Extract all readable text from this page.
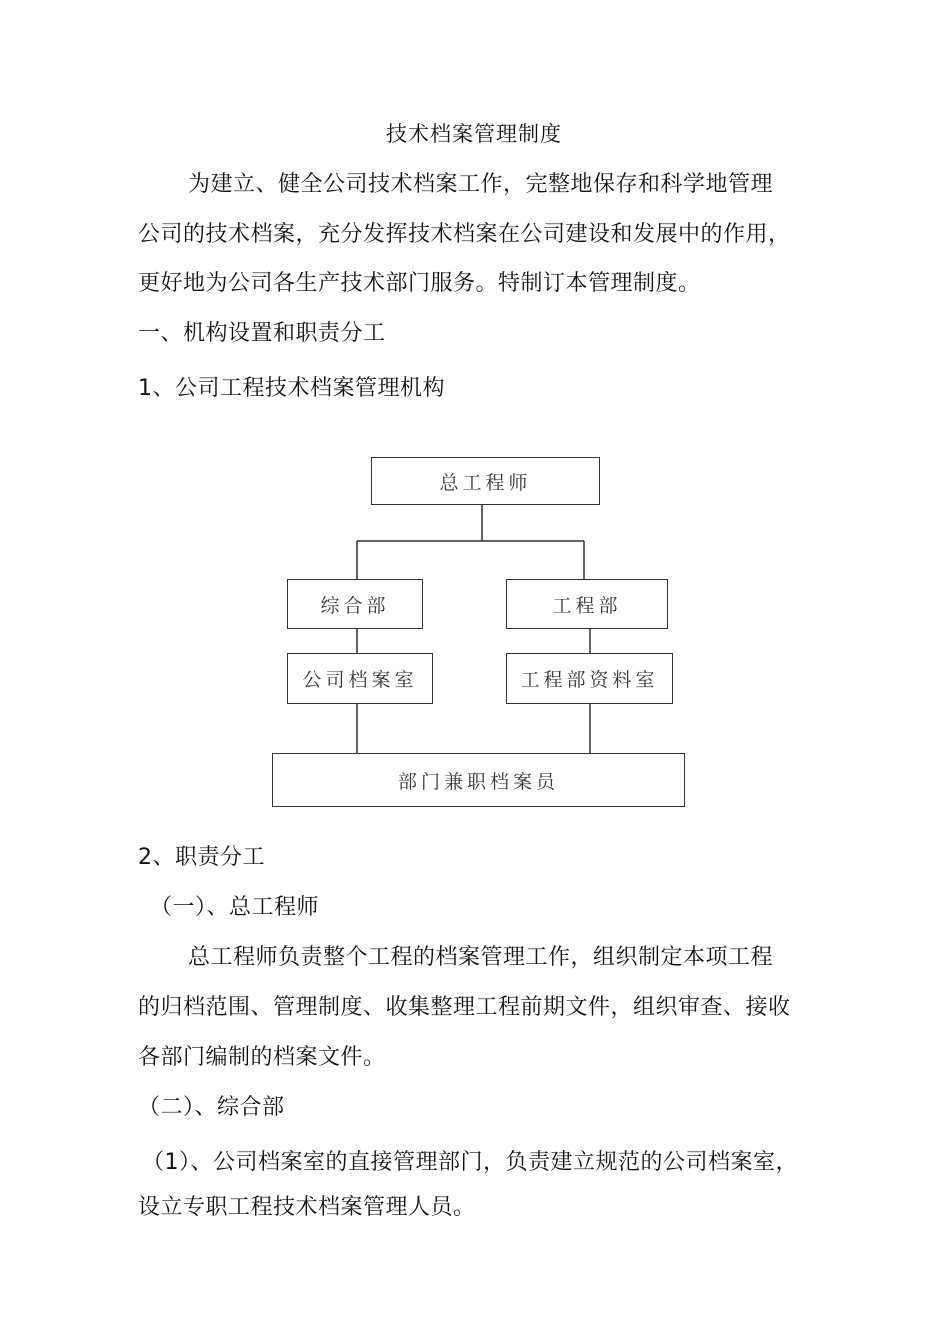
技术档案管理制度
为建立、健全公司技术档案工作，完整地保存和科学地管理
公司的技术档案，充分发挥技术档案在公司建设和发展中的作用，
更好地为公司各生产技术部门服务。特制订本管理制度。
一、机构设置和职责分工
1、公司工程技术档案管理机构
总工程师
综合部	工程部
公司档案室	工程部资料室
部门兼职档案员
2、职责分工
（一）、总工程师
总工程师负责整个工程的档案管理工作，组织制定本项工程
的归档范围、管理制度、收集整理工程前期文件，组织审查、接收
各部门编制的档案文件。
（二）、综合部
（1）、公司档案室的直接管理部门，负责建立规范的公司档案室，
设立专职工程技术档案管理人员。
